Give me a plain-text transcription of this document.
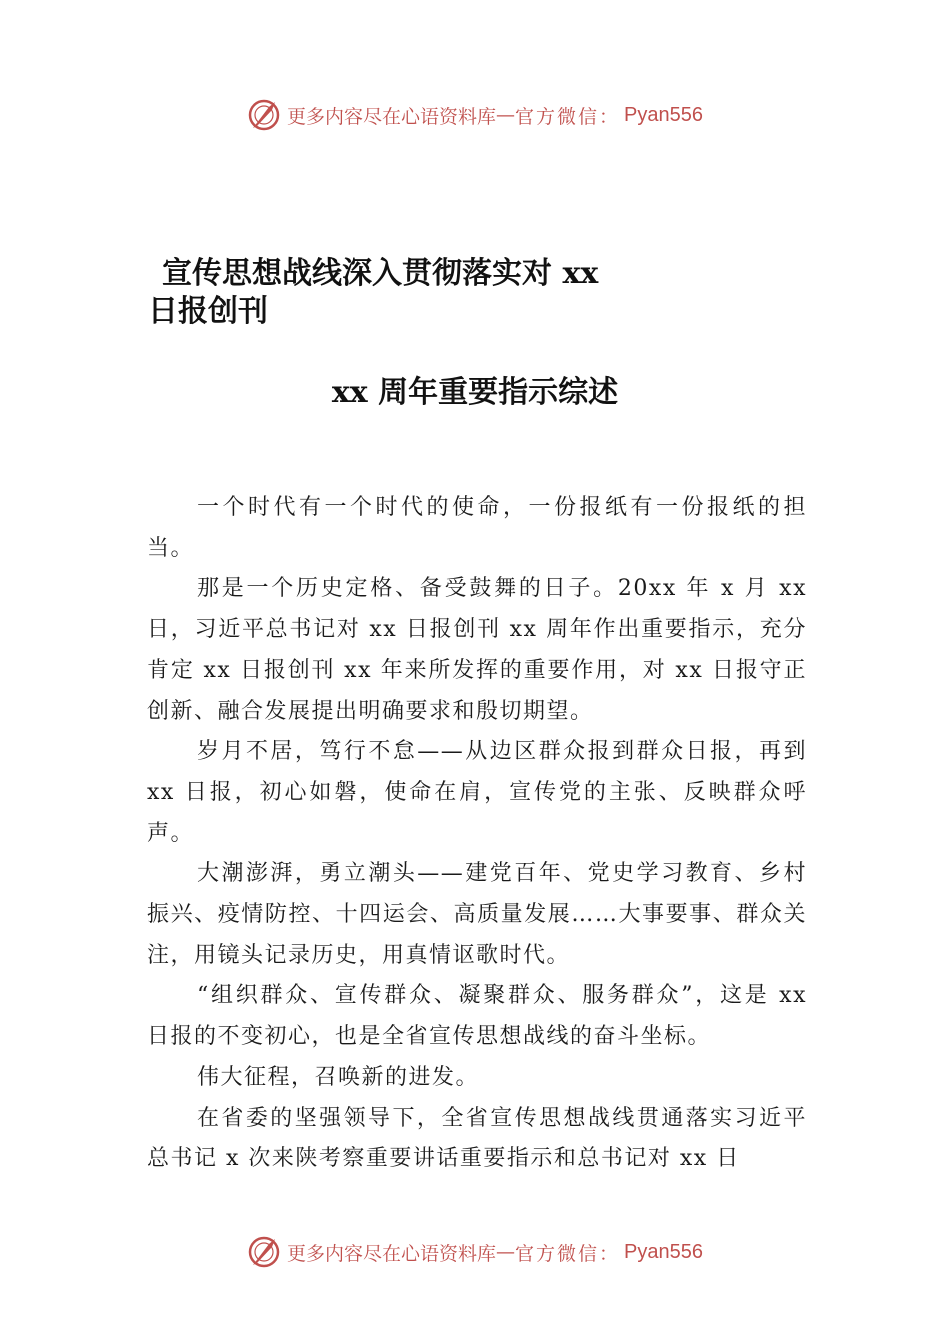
更多内容尽在心语资料库 — 官方微信： Pyan556
宣传思想战线深入贯彻落实对 xx
日报创刊
xx 周年重要指示综述

一个时代有一个时代的使命，一份报纸有一份报纸的担当。

那是一个历史定格、备受鼓舞的日子。20xx 年 x 月 xx 日，习近平总书记对 xx 日报创刊 xx 周年作出重要指示，充分肯定 xx 日报创刊 xx 年来所发挥的重要作用，对 xx 日报守正创新、融合发展提出明确要求和殷切期望。

岁月不居，笃行不怠——从边区群众报到群众日报，再到 xx 日报，初心如磐，使命在肩，宣传党的主张、反映群众呼声。

大潮澎湃，勇立潮头——建党百年、党史学习教育、乡村振兴、疫情防控、十四运会、高质量发展……大事要事、群众关注，用镜头记录历史，用真情讴歌时代。

“组织群众、宣传群众、凝聚群众、服务群众”，这是 xx 日报的不变初心，也是全省宣传思想战线的奋斗坐标。

伟大征程，召唤新的进发。

在省委的坚强领导下，全省宣传思想战线贯通落实习近平总书记 x 次来陕考察重要讲话重要指示和总书记对 xx 日

更多内容尽在心语资料库 — 官方微信： Pyan556
